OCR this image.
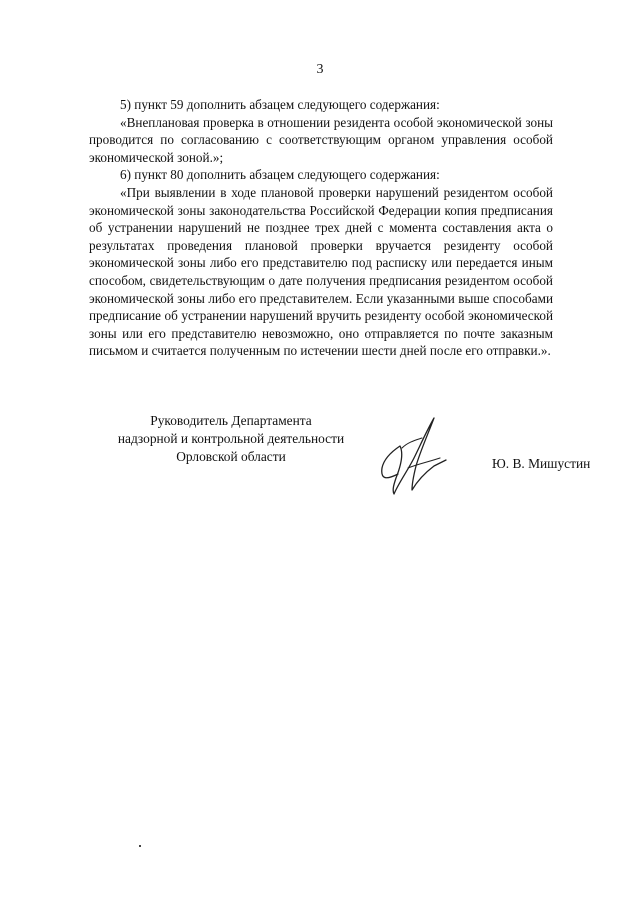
3

5) пункт 59 дополнить абзацем следующего содержания:

«Внеплановая проверка в отношении резидента особой экономической зоны проводится по согласованию с соответствующим органом управления особой экономической зоной.»;

6) пункт 80 дополнить абзацем следующего содержания:

«При выявлении в ходе плановой проверки нарушений резидентом особой экономической зоны законодательства Российской Федерации копия предписания об устранении нарушений не позднее трех дней с момента составления акта о результатах проведения плановой проверки вручается резиденту особой экономической зоны либо его представителю под расписку или передается иным способом, свидетельствующим о дате получения предписания резидентом особой экономической зоны либо его представителем. Если указанными выше способами предписание об устранении нарушений вручить резиденту особой экономической зоны или его представителю невозможно, оно отправляется по почте заказным письмом и считается полученным по истечении шести дней после его отправки.».

Руководитель Департамента
надзорной и контрольной деятельности
Орловской области	Ю. В. Мишустин
